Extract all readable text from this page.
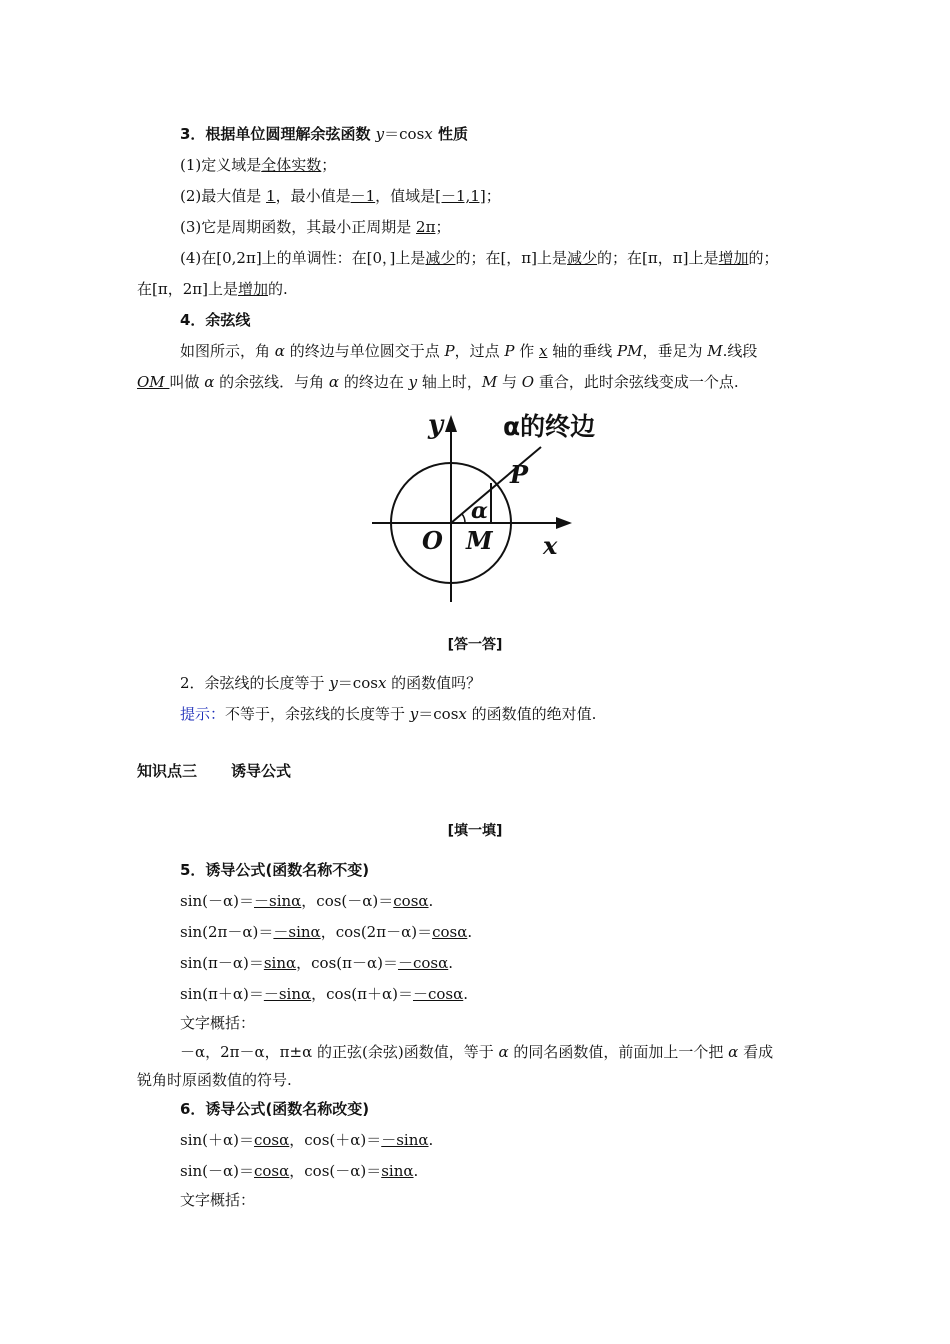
3．根据单位圆理解余弦函数 y＝cosx 性质
(1)定义域是全体实数；
(2)最大值是 1，最小值是－1，值域是[－1,1]；
(3)它是周期函数，其最小正周期是 2π；
(4)在[0,2π]上的单调性：在[0，]上是减少的；在[，π]上是减少的；在[π，π]上是增加的；
在[π，2π]上是增加的.
4．余弦线
如图所示，角 α 的终边与单位圆交于点 P，过点 P 作 x 轴的垂线 PM，垂足为 M.线段
OM 叫做 α 的余弦线．与角 α 的终边在 y 轴上时，M 与 O 重合，此时余弦线变成一个点.
y α的终边
P
α
O M x
[答一答]
2．余弦线的长度等于 y＝cosx 的函数值吗？
提示：不等于，余弦线的长度等于 y＝cosx 的函数值的绝对值.
知识点三 诱导公式
[填一填]
5．诱导公式(函数名称不变)
sin(－α)＝－sinα，cos(－α)＝cosα.
sin(2π－α)＝－sinα，cos(2π－α)＝cosα.
sin(π－α)＝sinα，cos(π－α)＝－cosα.
sin(π＋α)＝－sinα，cos(π＋α)＝－cosα.
文字概括：
－α，2π－α，π±α 的正弦(余弦)函数值，等于 α 的同名函数值，前面加上一个把 α 看成
锐角时原函数值的符号.
6．诱导公式(函数名称改变)
sin(＋α)＝cosα，cos(＋α)＝－sinα.
sin(－α)＝cosα，cos(－α)＝sinα.
文字概括：
